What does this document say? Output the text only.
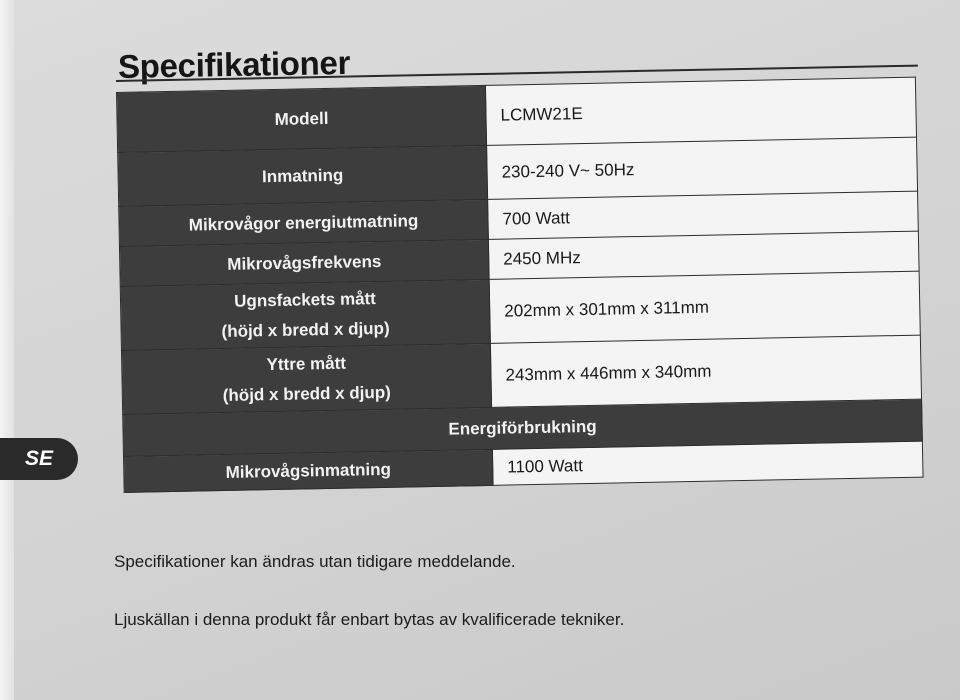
Specifikationer
Modell	LCMW21E
Inmatning	230-240 V~ 50Hz
Mikrovågor energiutmatning	700 Watt
Mikrovågsfrekvens	2450 MHz

Ugnsfackets mått
(höjd x bredd x djup)	202mm x 301mm x 311mm

Yttre mått
(höjd x bredd x djup)	243mm x 446mm x 340mm
Energiförbrukning	
Mikrovågsinmatning	1100 Watt
SE
Specifikationer kan ändras utan tidigare meddelande.
Ljuskällan i denna produkt får enbart bytas av kvalificerade tekniker.
